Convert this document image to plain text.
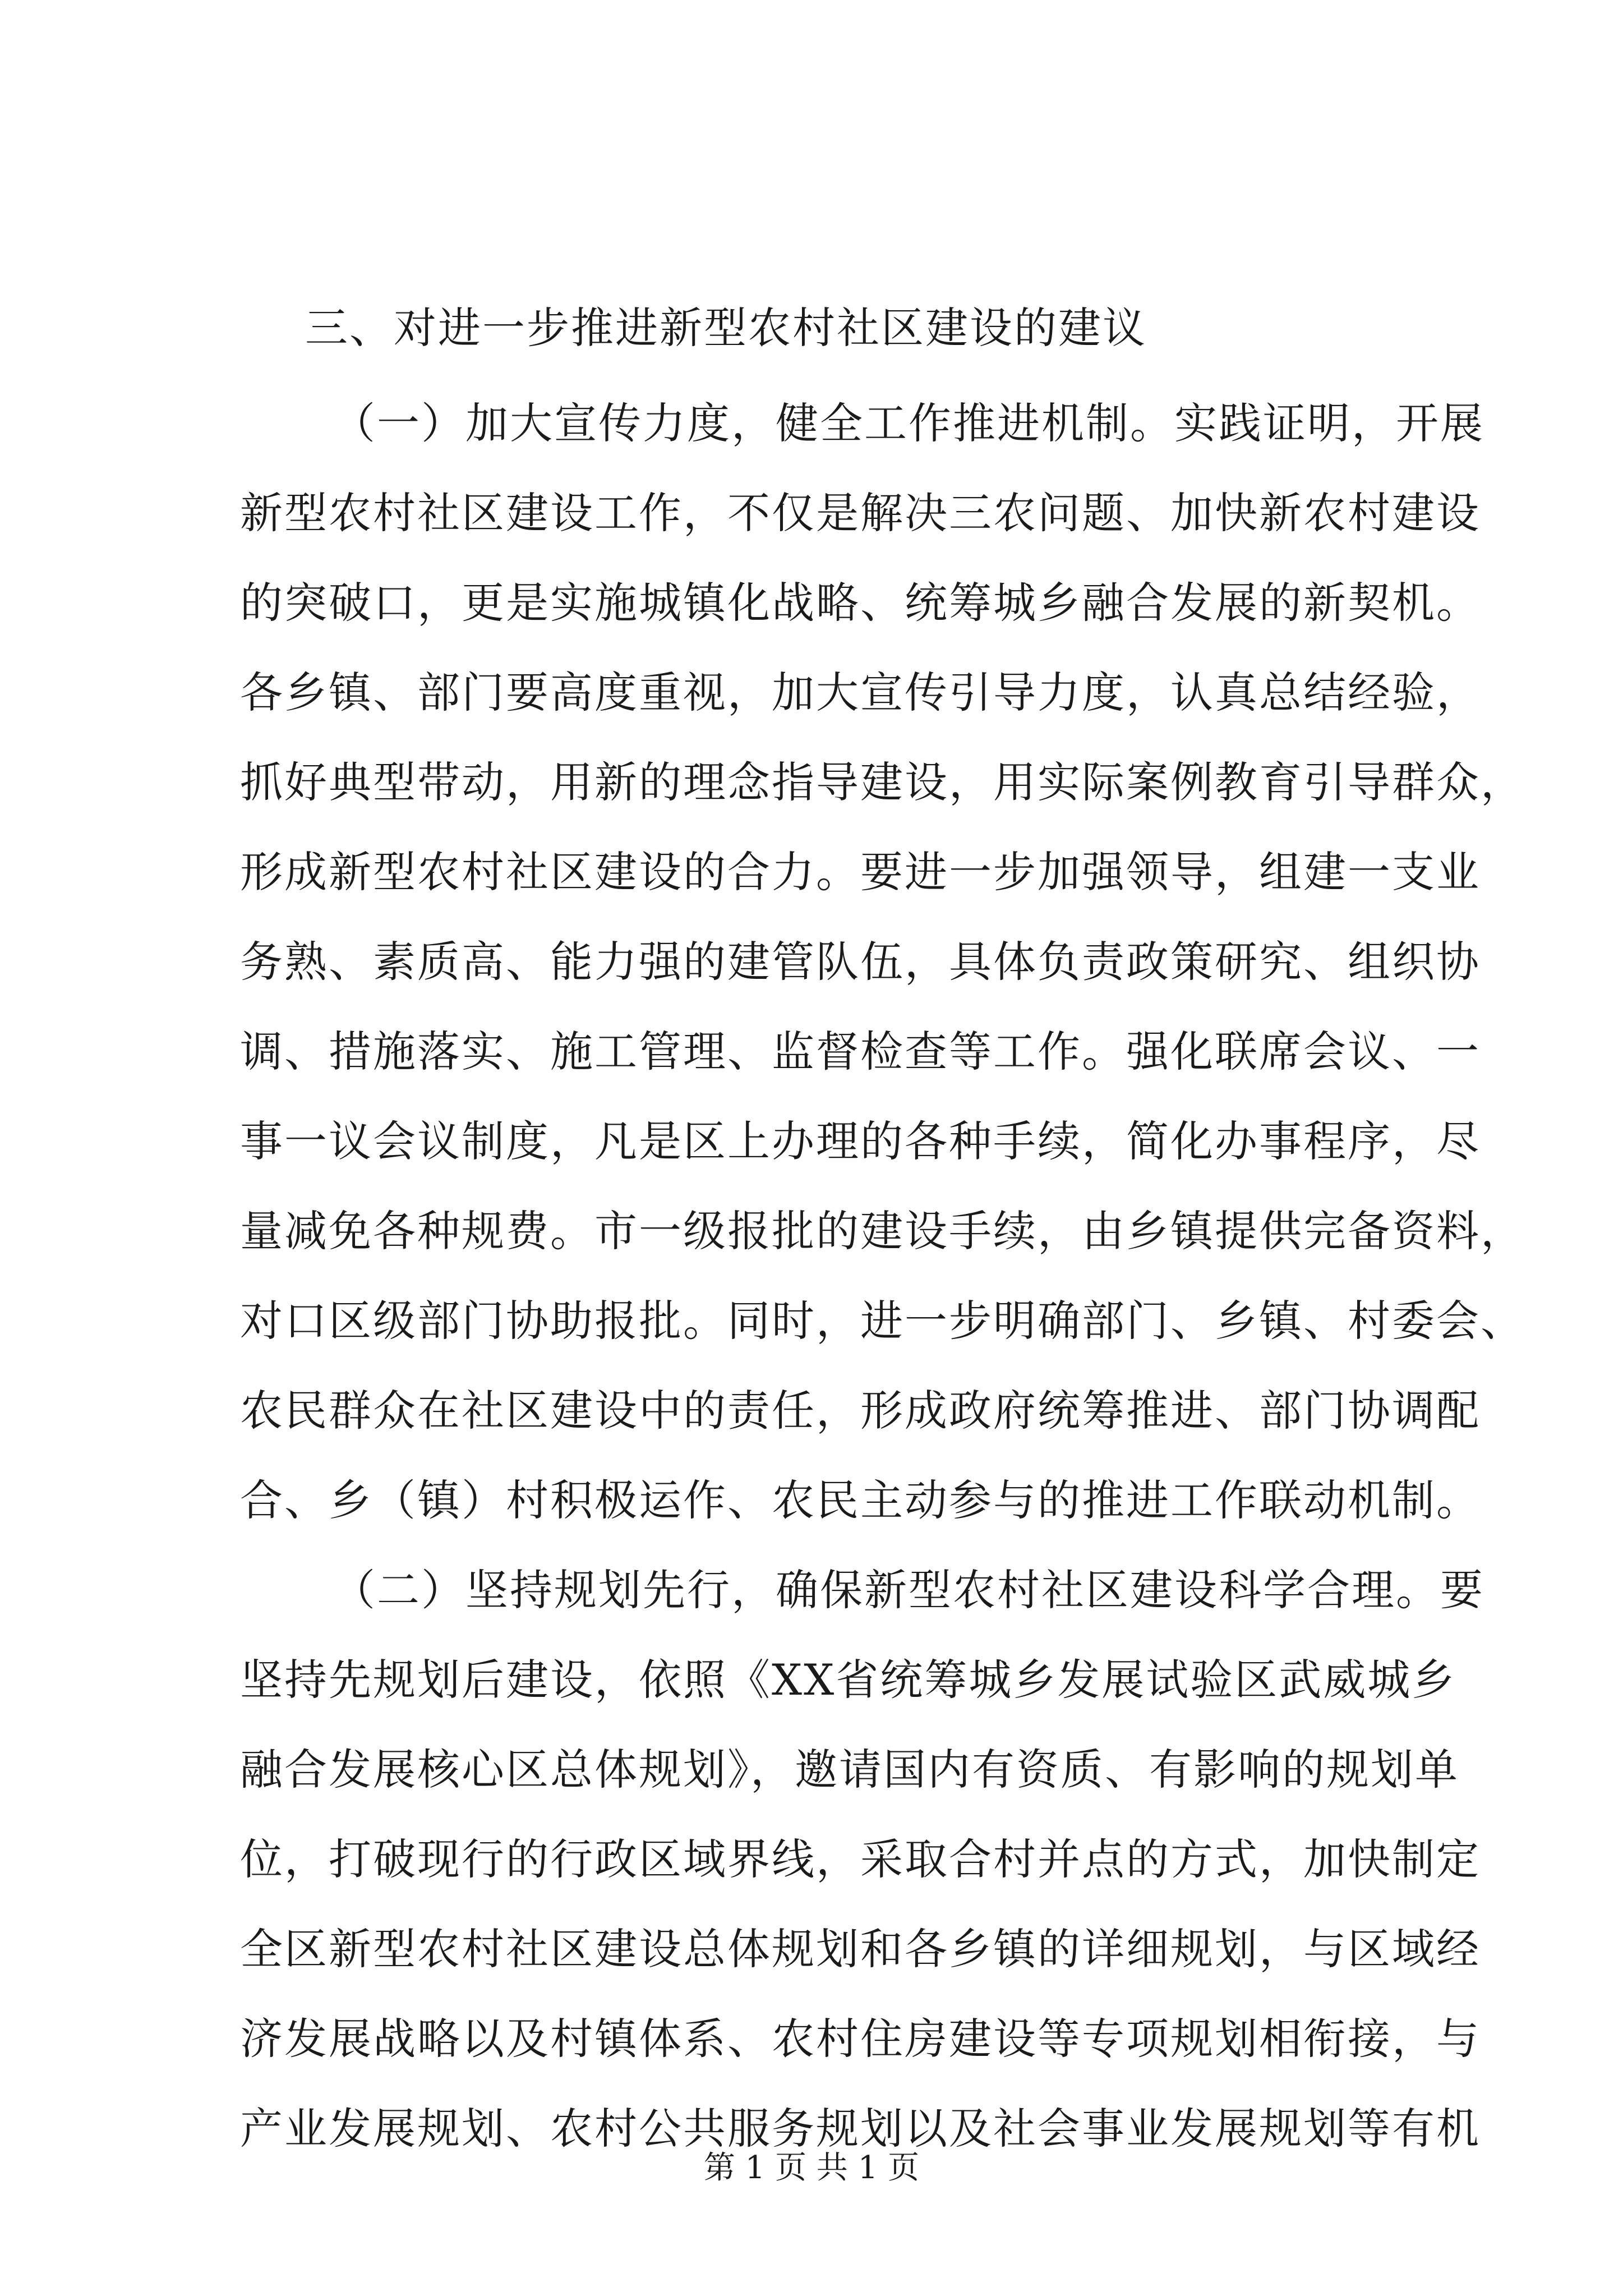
三、对进一步推进新型农村社区建设的建议
（一）加大宣传力度，健全工作推进机制。实践证明，开展
新型农村社区建设工作，不仅是解决三农问题、加快新农村建设
的突破口，更是实施城镇化战略、统筹城乡融合发展的新契机。
各乡镇、部门要高度重视，加大宣传引导力度，认真总结经验，
抓好典型带动，用新的理念指导建设，用实际案例教育引导群众，
形成新型农村社区建设的合力。要进一步加强领导，组建一支业
务熟、素质高、能力强的建管队伍，具体负责政策研究、组织协
调、措施落实、施工管理、监督检查等工作。强化联席会议、一
事一议会议制度，凡是区上办理的各种手续，简化办事程序，尽
量减免各种规费。市一级报批的建设手续，由乡镇提供完备资料，
对口区级部门协助报批。同时，进一步明确部门、乡镇、村委会、
农民群众在社区建设中的责任，形成政府统筹推进、部门协调配
合、乡（镇）村积极运作、农民主动参与的推进工作联动机制。
（二）坚持规划先行，确保新型农村社区建设科学合理。要
坚持先规划后建设，依照《XX省统筹城乡发展试验区武威城乡
融合发展核心区总体规划》，邀请国内有资质、有影响的规划单
位，打破现行的行政区域界线，采取合村并点的方式，加快制定
全区新型农村社区建设总体规划和各乡镇的详细规划，与区域经
济发展战略以及村镇体系、农村住房建设等专项规划相衔接，与
产业发展规划、农村公共服务规划以及社会事业发展规划等有机
第 1 页 共 1 页
